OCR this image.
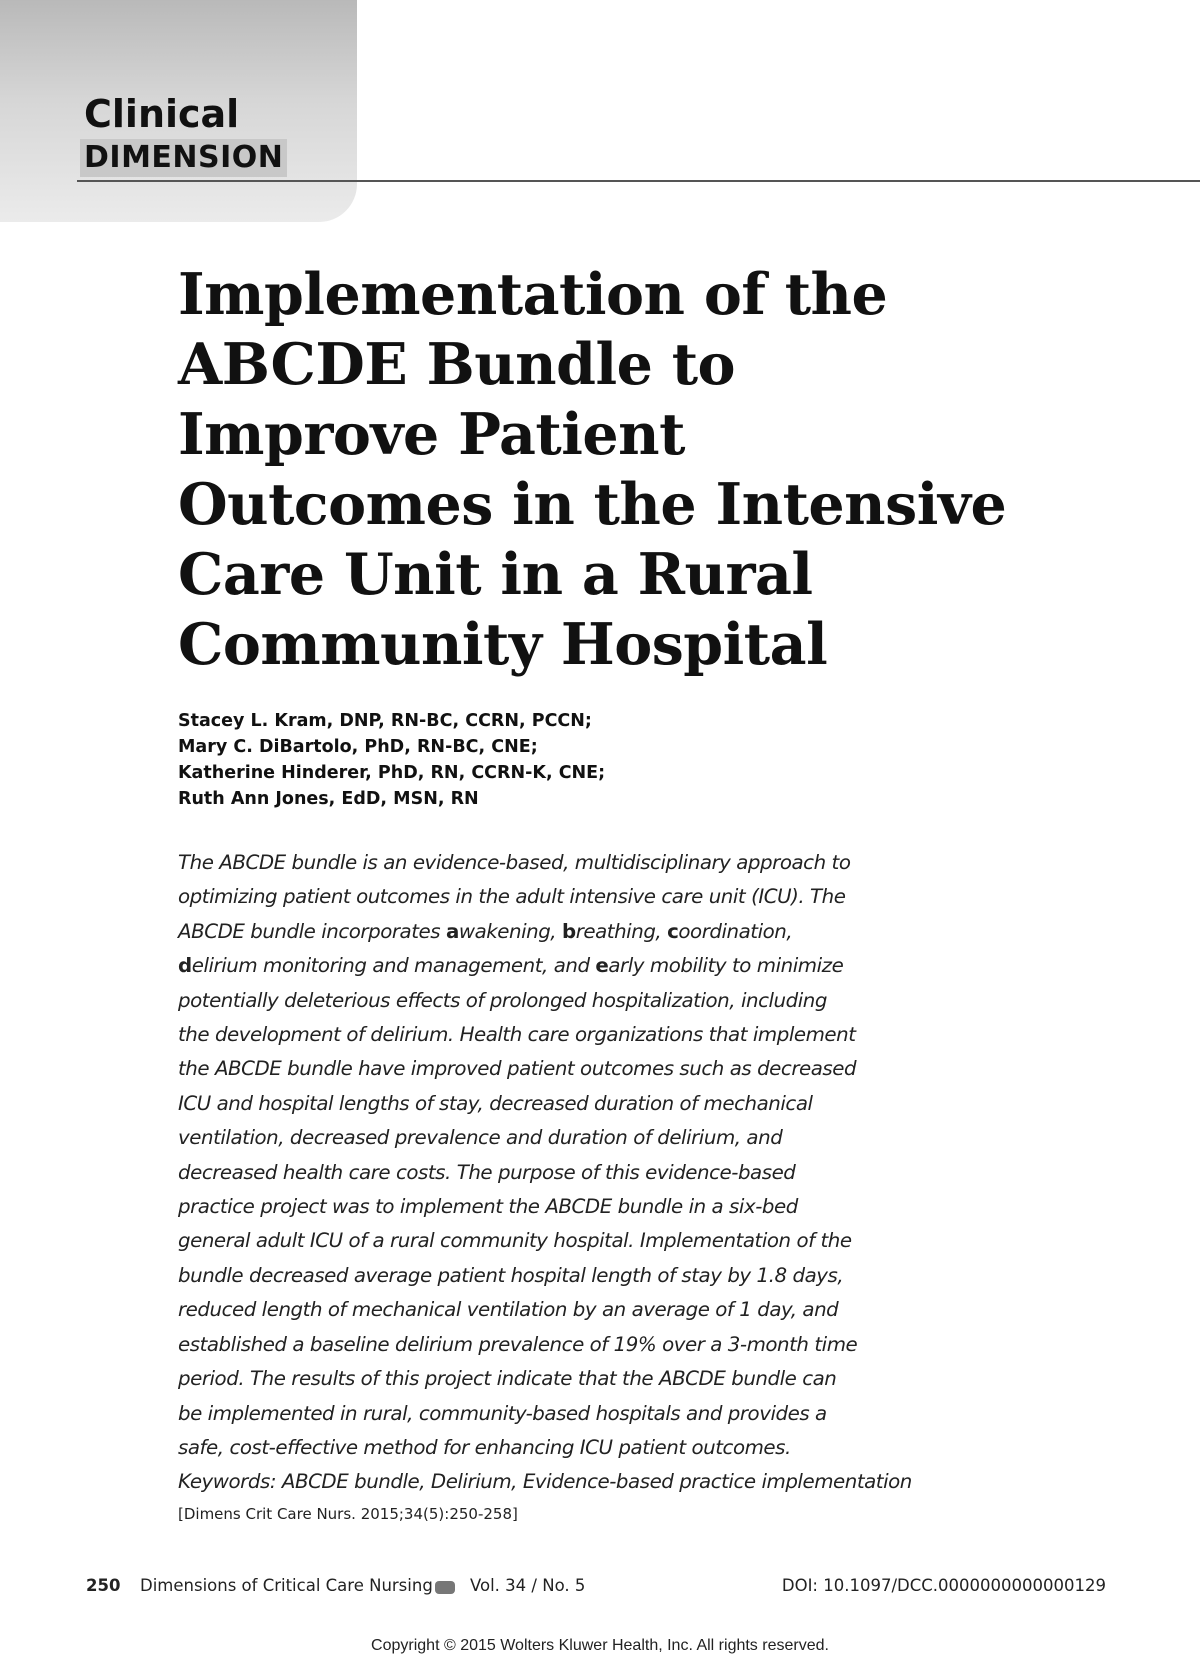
Clinical
DIMENSION
Implementation of the
ABCDE Bundle to
Improve Patient
Outcomes in the Intensive
Care Unit in a Rural
Community Hospital
Stacey L. Kram, DNP, RN-BC, CCRN, PCCN;
Mary C. DiBartolo, PhD, RN-BC, CNE;
Katherine Hinderer, PhD, RN, CCRN-K, CNE;
Ruth Ann Jones, EdD, MSN, RN
The ABCDE bundle is an evidence-based, multidisciplinary approach to
optimizing patient outcomes in the adult intensive care unit (ICU). The
ABCDE bundle incorporates awakening, breathing, coordination,
delirium monitoring and management, and early mobility to minimize
potentially deleterious effects of prolonged hospitalization, including
the development of delirium. Health care organizations that implement
the ABCDE bundle have improved patient outcomes such as decreased
ICU and hospital lengths of stay, decreased duration of mechanical
ventilation, decreased prevalence and duration of delirium, and
decreased health care costs. The purpose of this evidence-based
practice project was to implement the ABCDE bundle in a six-bed
general adult ICU of a rural community hospital. Implementation of the
bundle decreased average patient hospital length of stay by 1.8 days,
reduced length of mechanical ventilation by an average of 1 day, and
established a baseline delirium prevalence of 19% over a 3-month time
period. The results of this project indicate that the ABCDE bundle can
be implemented in rural, community-based hospitals and provides a
safe, cost-effective method for enhancing ICU patient outcomes.
Keywords: ABCDE bundle, Delirium, Evidence-based practice implementation
[Dimens Crit Care Nurs. 2015;34(5):250-258]
250 Dimensions of Critical Care Nursing Vol. 34 / No. 5	DOI: 10.1097/DCC.0000000000000129
Copyright © 2015 Wolters Kluwer Health, Inc. All rights reserved.
